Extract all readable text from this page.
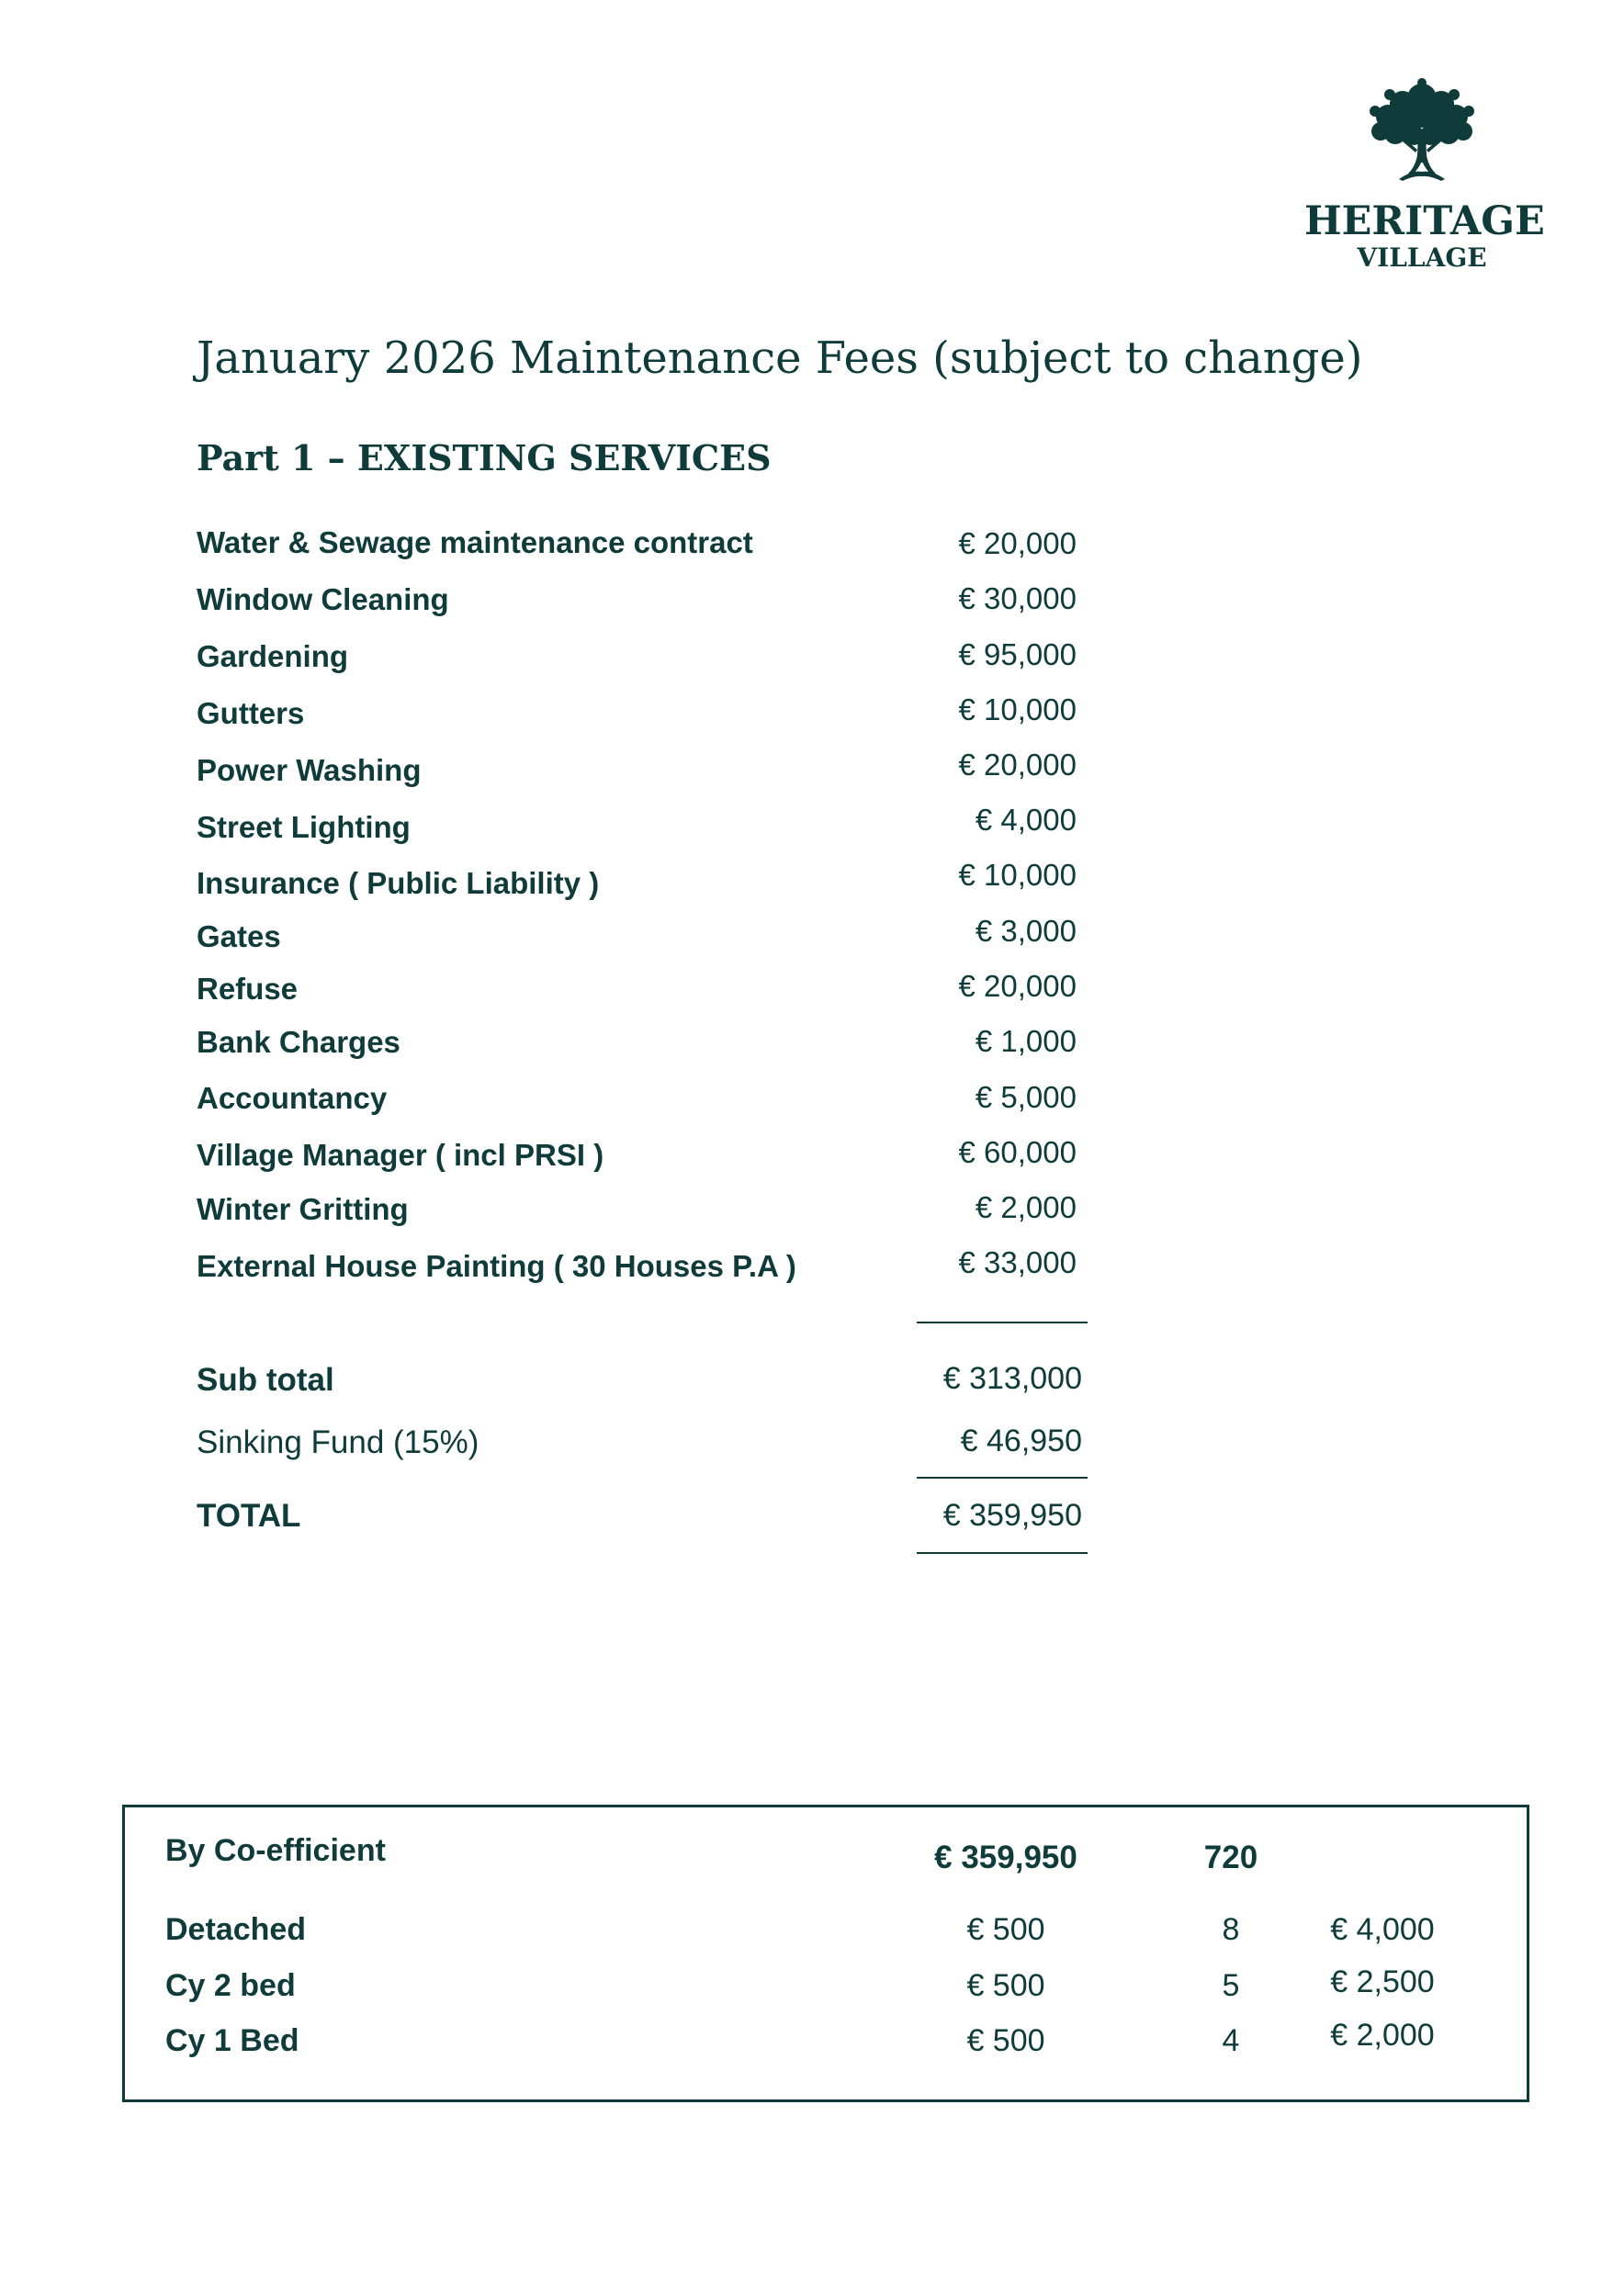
HERITAGE
VILLAGE
January 2026 Maintenance Fees (subject to change)
Part 1 – EXISTING SERVICES
Water & Sewage maintenance contract	€ 20,000
Window Cleaning	€ 30,000
Gardening	€ 95,000
Gutters	€ 10,000
Power Washing	€ 20,000
Street Lighting	€ 4,000
Insurance ( Public Liability )	€ 10,000
Gates	€ 3,000
Refuse	€ 20,000
Bank Charges	€ 1,000
Accountancy	€ 5,000
Village Manager ( incl PRSI )	€ 60,000
Winter Gritting	€ 2,000
External House Painting ( 30 Houses P.A )	€ 33,000
Sub total	€ 313,000
Sinking Fund (15%)	€ 46,950
TOTAL	€ 359,950
By Co-efficient	€ 359,950	720
Detached	€ 500	8	€ 4,000
Cy 2 bed	€ 500	5	€ 2,500
Cy 1 Bed	€ 500	4	€ 2,000
